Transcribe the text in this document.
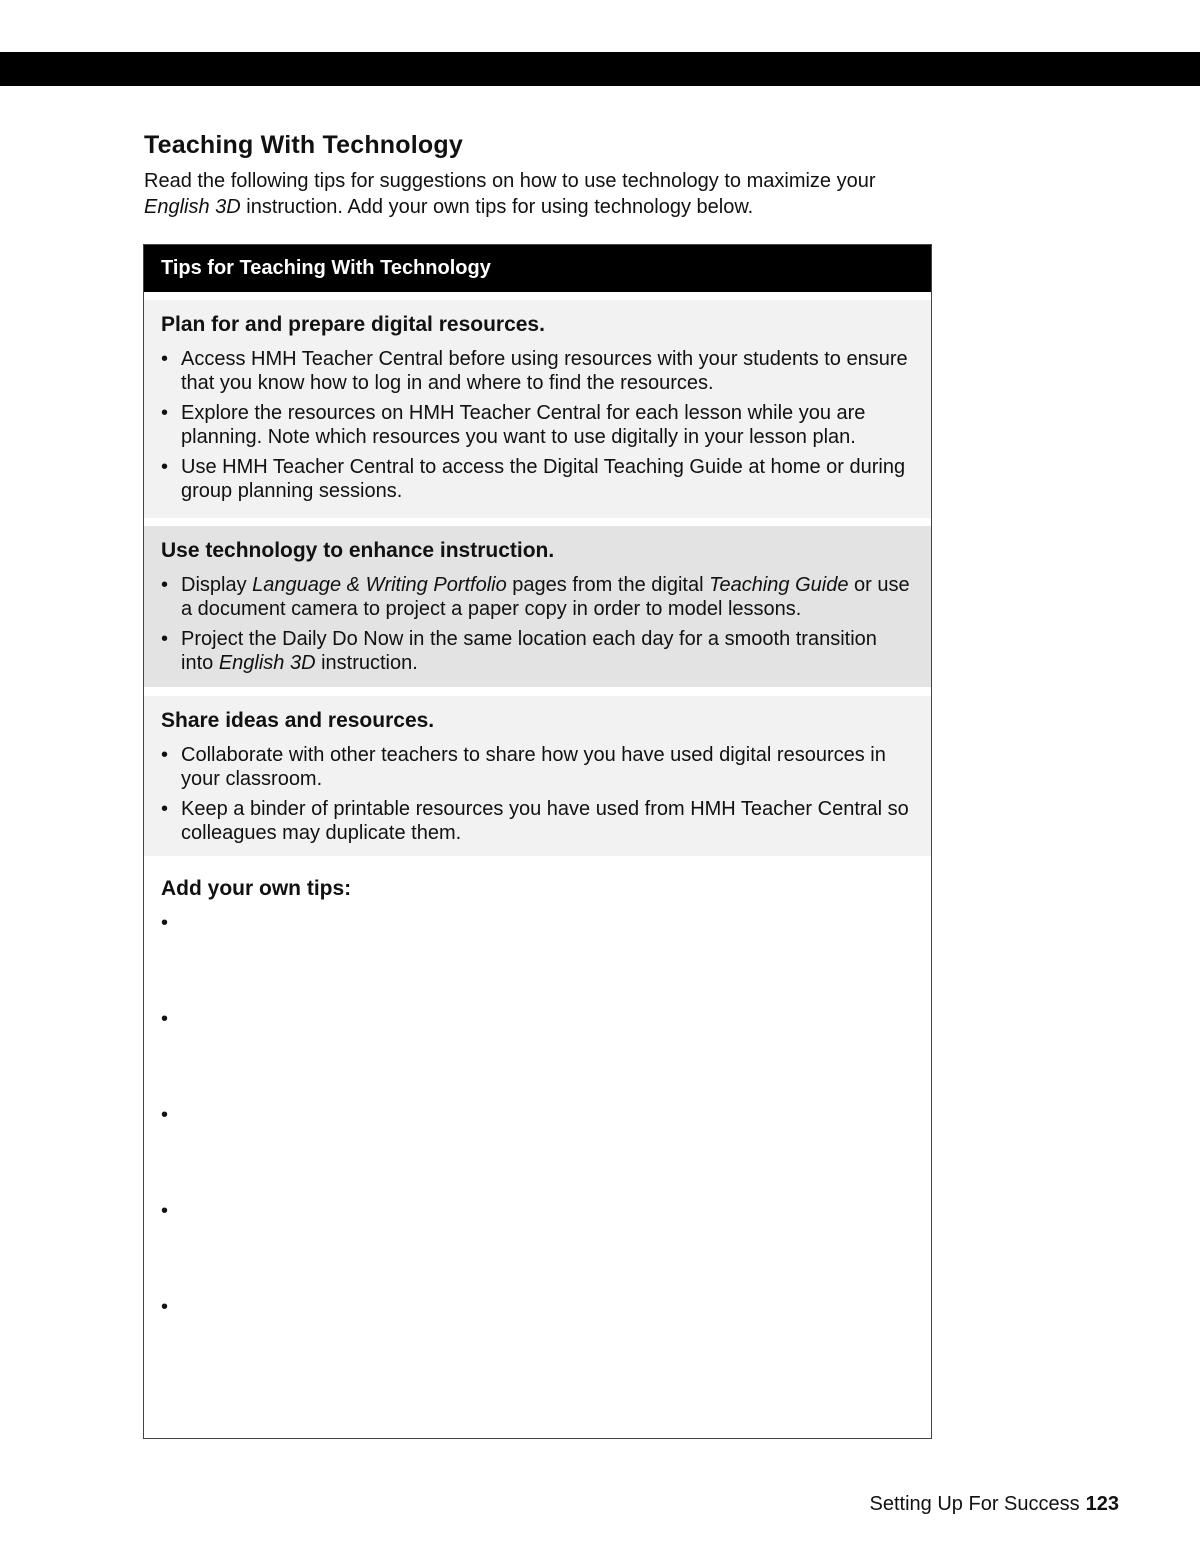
Teaching With Technology

Read the following tips for suggestions on how to use technology to maximize your
English 3D instruction. Add your own tips for using technology below.

Tips for Teaching With Technology
Plan for and prepare digital resources.
• Access HMH Teacher Central before using resources with your students to ensure that you know how to log in and where to find the resources.
• Explore the resources on HMH Teacher Central for each lesson while you are planning. Note which resources you want to use digitally in your lesson plan.
• Use HMH Teacher Central to access the Digital Teaching Guide at home or during group planning sessions.
Use technology to enhance instruction.
• Display Language & Writing Portfolio pages from the digital Teaching Guide or use a document camera to project a paper copy in order to model lessons.
• Project the Daily Do Now in the same location each day for a smooth transition into English 3D instruction.
Share ideas and resources.
• Collaborate with other teachers to share how you have used digital resources in your classroom.
• Keep a binder of printable resources you have used from HMH Teacher Central so colleagues may duplicate them.
Add your own tips:
•
•
•
•
•
Setting Up For Success 123
